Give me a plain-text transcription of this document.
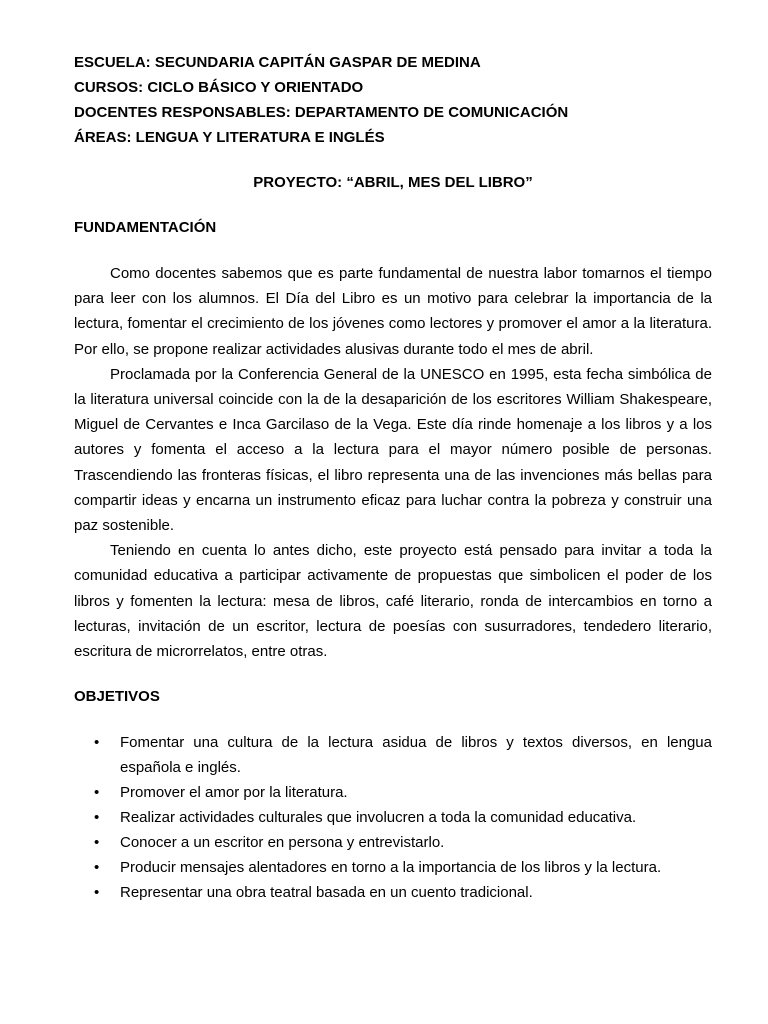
ESCUELA: SECUNDARIA CAPITÁN GASPAR DE MEDINA

CURSOS: CICLO BÁSICO Y ORIENTADO

DOCENTES RESPONSABLES: DEPARTAMENTO DE COMUNICACIÓN

ÁREAS: LENGUA Y LITERATURA E INGLÉS

PROYECTO: “ABRIL, MES DEL LIBRO”

FUNDAMENTACIÓN

Como docentes sabemos que es parte fundamental de nuestra labor tomarnos el tiempo para leer con los alumnos. El Día del Libro es un motivo para celebrar la importancia de la lectura, fomentar el crecimiento de los jóvenes como lectores y promover el amor a la literatura. Por ello, se propone realizar actividades alusivas durante todo el mes de abril.

Proclamada por la Conferencia General de la UNESCO en 1995, esta fecha simbólica de la literatura universal coincide con la de la desaparición de los escritores William Shakespeare, Miguel de Cervantes e Inca Garcilaso de la Vega. Este día rinde homenaje a los libros y a los autores y fomenta el acceso a la lectura para el mayor número posible de personas. Trascendiendo las fronteras físicas, el libro representa una de las invenciones más bellas para compartir ideas y encarna un instrumento eficaz para luchar contra la pobreza y construir una paz sostenible.

Teniendo en cuenta lo antes dicho, este proyecto está pensado para invitar a toda la comunidad educativa a participar activamente de propuestas que simbolicen el poder de los libros y fomenten la lectura: mesa de libros, café literario, ronda de intercambios en torno a lecturas, invitación de un escritor, lectura de poesías con susurradores, tendedero literario, escritura de microrrelatos, entre otras.

OBJETIVOS
• Fomentar una cultura de la lectura asidua de libros y textos diversos, en lengua española e inglés.
• Promover el amor por la literatura.
• Realizar actividades culturales que involucren a toda la comunidad educativa.
• Conocer a un escritor en persona y entrevistarlo.
• Producir mensajes alentadores en torno a la importancia de los libros y la lectura.
• Representar una obra teatral basada en un cuento tradicional.
